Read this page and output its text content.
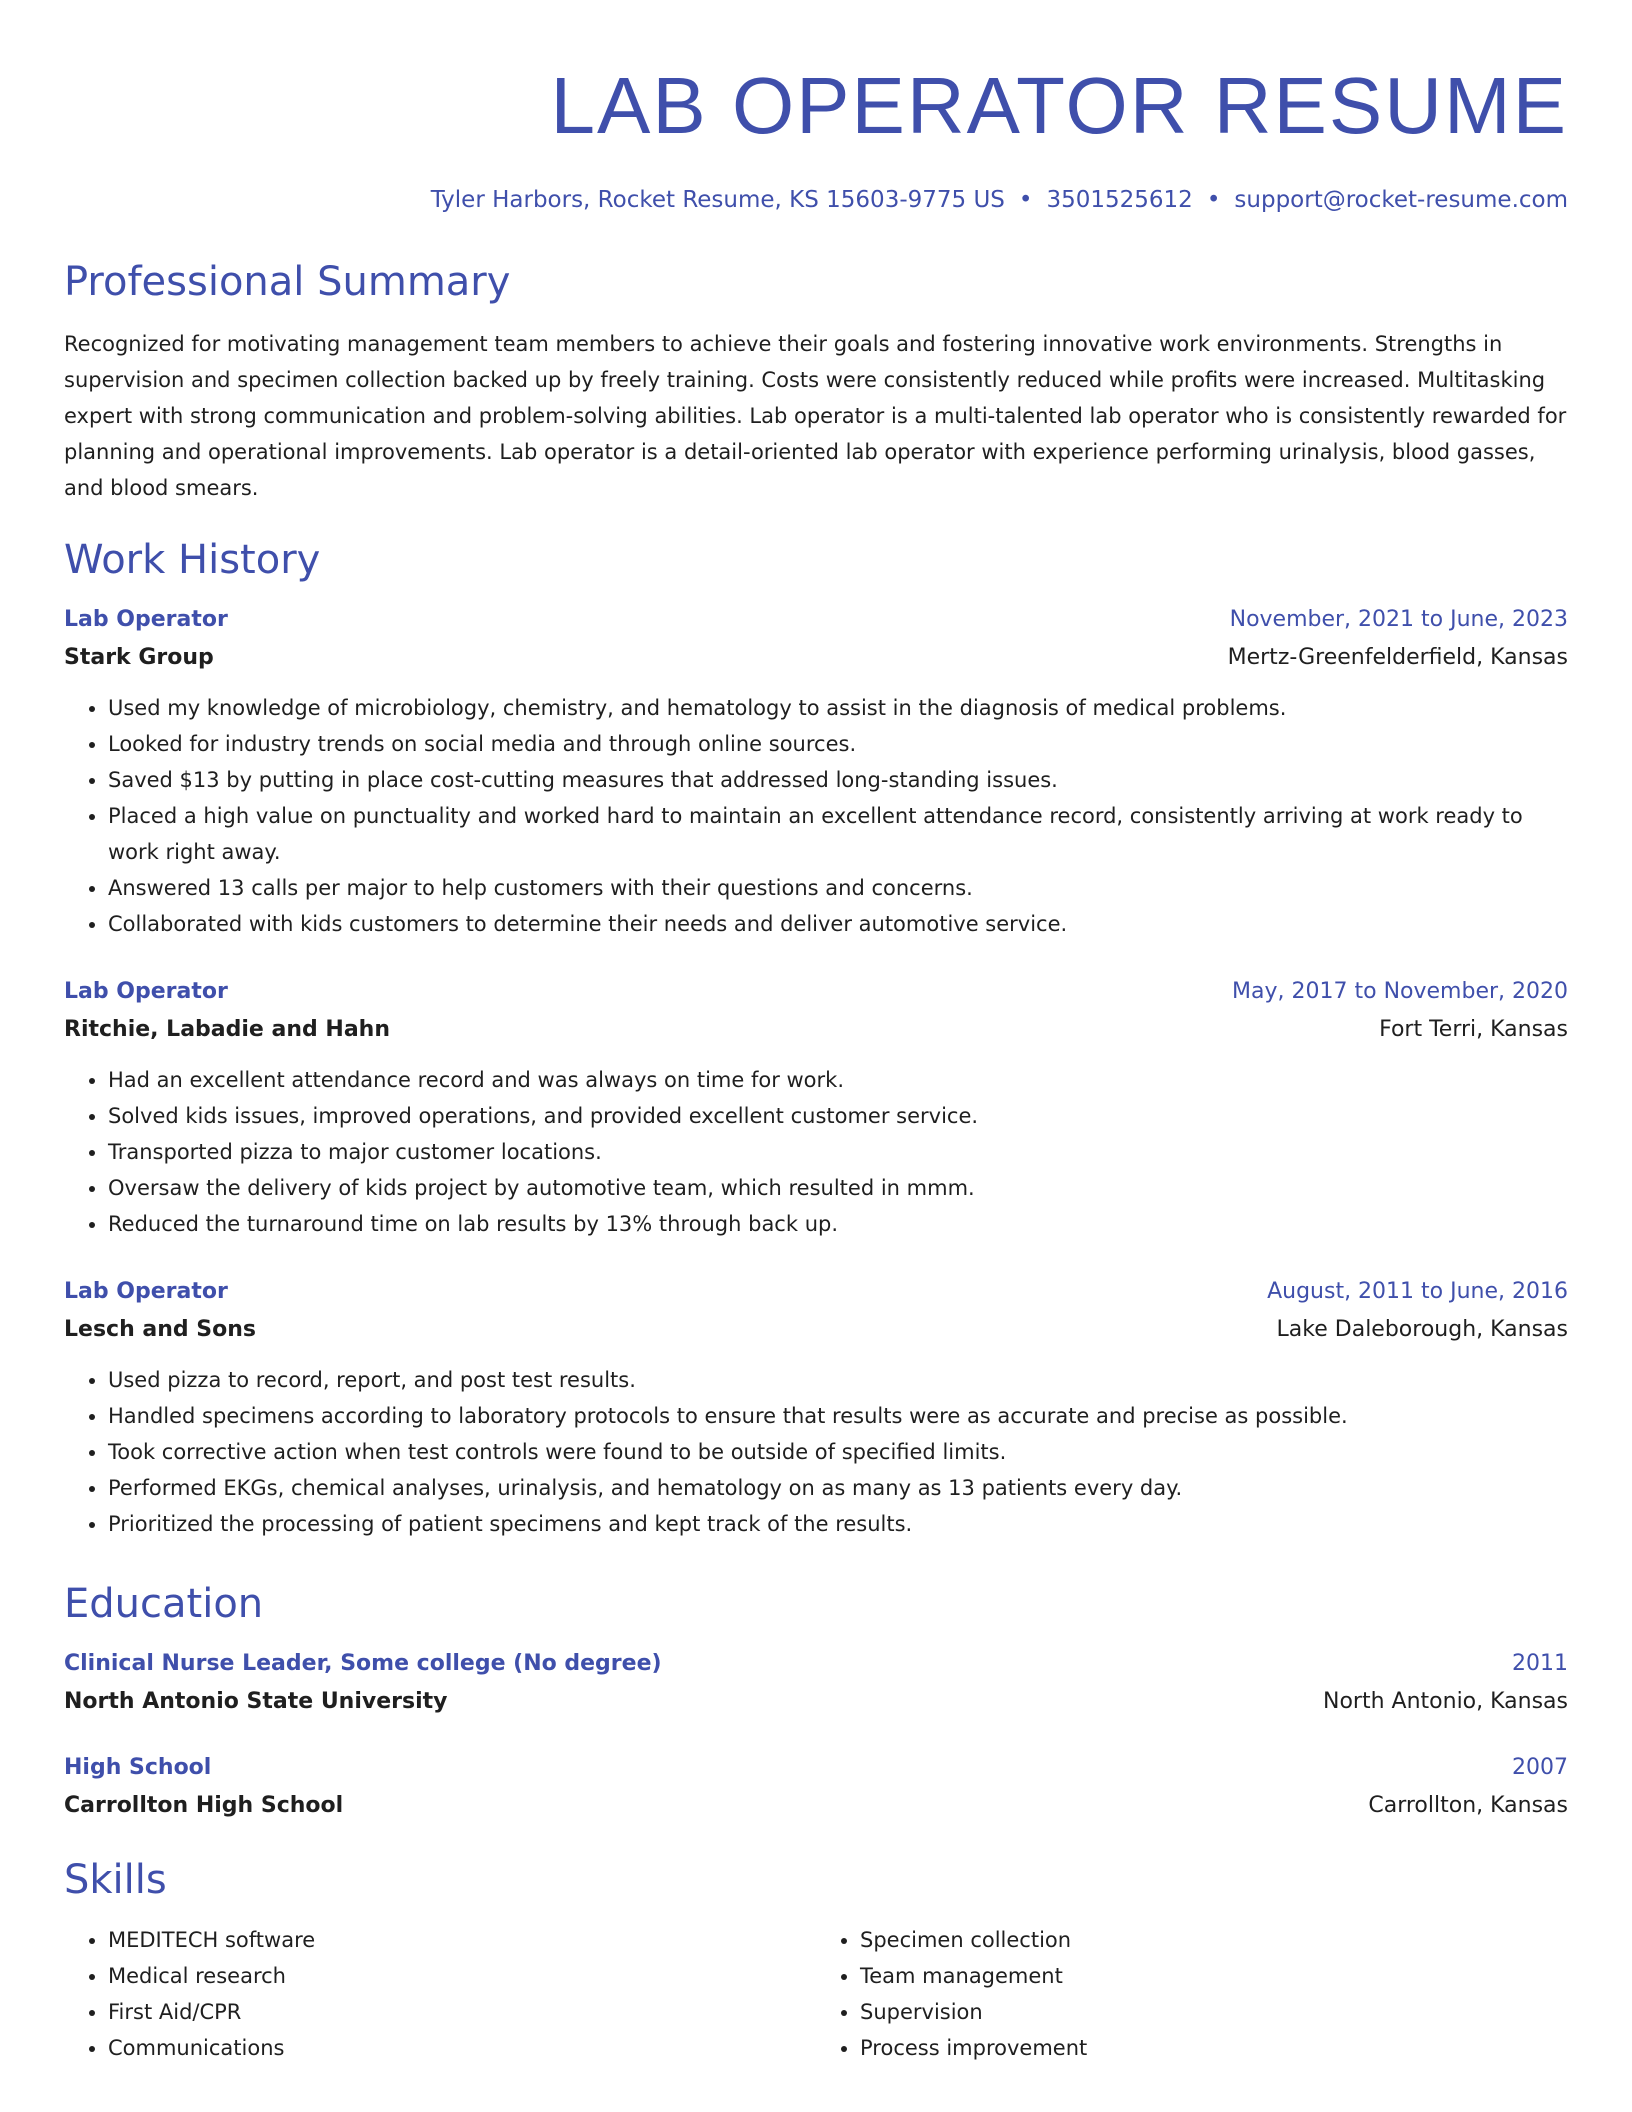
LAB OPERATOR RESUME
Tyler Harbors, Rocket Resume, KS 15603-9775 US • 3501525612 • support@rocket-resume.com
Professional Summary

Recognized for motivating management team members to achieve their goals and fostering innovative work environments. Strengths in supervision and specimen collection backed up by freely training. Costs were consistently reduced while profits were increased. Multitasking expert with strong communication and problem-solving abilities. Lab operator is a multi-talented lab operator who is consistently rewarded for planning and operational improvements. Lab operator is a detail-oriented lab operator with experience performing urinalysis, blood gasses, and blood smears.

Work History
Lab Operator	November, 2021 to June, 2023
Stark Group	Mertz-Greenfelderfield, Kansas
• Used my knowledge of microbiology, chemistry, and hematology to assist in the diagnosis of medical problems.
• Looked for industry trends on social media and through online sources.
• Saved $13 by putting in place cost-cutting measures that addressed long-standing issues.
• Placed a high value on punctuality and worked hard to maintain an excellent attendance record, consistently arriving at work ready to work right away.
• Answered 13 calls per major to help customers with their questions and concerns.
• Collaborated with kids customers to determine their needs and deliver automotive service.
Lab Operator	May, 2017 to November, 2020
Ritchie, Labadie and Hahn	Fort Terri, Kansas
• Had an excellent attendance record and was always on time for work.
• Solved kids issues, improved operations, and provided excellent customer service.
• Transported pizza to major customer locations.
• Oversaw the delivery of kids project by automotive team, which resulted in mmm.
• Reduced the turnaround time on lab results by 13% through back up.
Lab Operator	August, 2011 to June, 2016
Lesch and Sons	Lake Daleborough, Kansas
• Used pizza to record, report, and post test results.
• Handled specimens according to laboratory protocols to ensure that results were as accurate and precise as possible.
• Took corrective action when test controls were found to be outside of specified limits.
• Performed EKGs, chemical analyses, urinalysis, and hematology on as many as 13 patients every day.
• Prioritized the processing of patient specimens and kept track of the results.
Education
Clinical Nurse Leader, Some college (No degree)	2011
North Antonio State University	North Antonio, Kansas
High School	2007
Carrollton High School	Carrollton, Kansas
Skills
• MEDITECH software
• Medical research
• First Aid/CPR
• Communications
• Specimen collection
• Team management
• Supervision
• Process improvement
